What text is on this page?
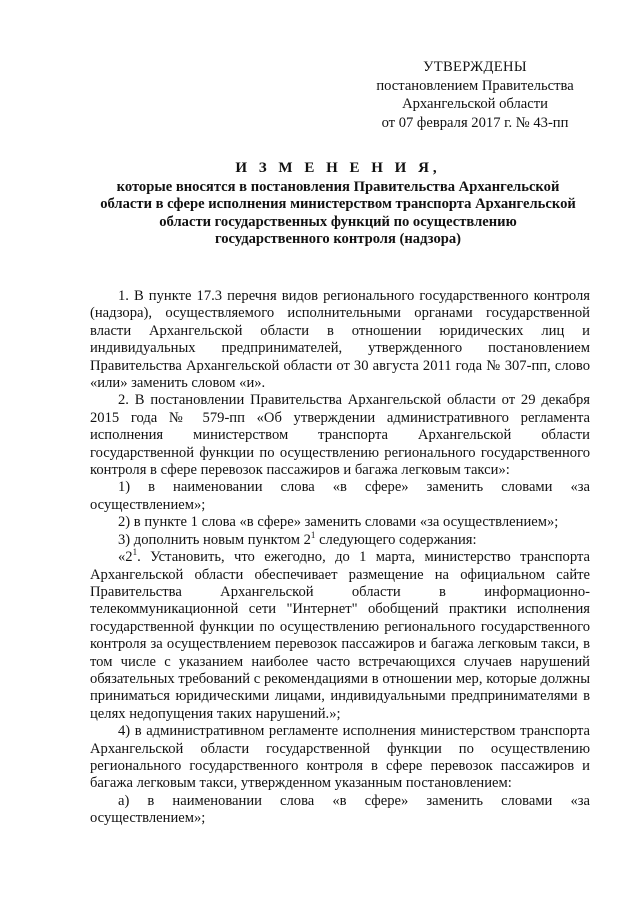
УТВЕРЖДЕНЫ
постановлением Правительства
Архангельской области
от 07 февраля 2017 г. № 43-пп
И З М Е Н Е Н И Я,
которые вносятся в постановления Правительства Архангельской
области в сфере исполнения министерством транспорта Архангельской
области государственных функций по осуществлению
государственного контроля (надзора)

1. В пункте 17.3 перечня видов регионального государственного контроля (надзора), осуществляемого исполнительными органами государственной власти Архангельской области в отношении юридических лиц и индивидуальных предпринимателей, утвержденного постановлением Правительства Архангельской области от 30 августа 2011 года № 307-пп, слово «или» заменить словом «и».

2. В постановлении Правительства Архангельской области от 29 декабря 2015 года № 579-пп «Об утверждении административного регламента исполнения министерством транспорта Архангельской области государственной функции по осуществлению регионального государственного контроля в сфере перевозок пассажиров и багажа легковым такси»:

1) в наименовании слова «в сфере» заменить словами «за осуществлением»;

2) в пункте 1 слова «в сфере» заменить словами «за осуществлением»;

3) дополнить новым пунктом $2^1$ следующего содержания:

«$2^1$. Установить, что ежегодно, до 1 марта, министерство транспорта Архангельской области обеспечивает размещение на официальном сайте Правительства Архангельской области в информационно-телекоммуникационной сети "Интернет" обобщений практики исполнения государственной функции по осуществлению регионального государственного контроля за осуществлением перевозок пассажиров и багажа легковым такси, в том числе с указанием наиболее часто встречающихся случаев нарушений обязательных требований с рекомендациями в отношении мер, которые должны приниматься юридическими лицами, индивидуальными предпринимателями в целях недопущения таких нарушений.»;

4) в административном регламенте исполнения министерством транспорта Архангельской области государственной функции по осуществлению регионального государственного контроля в сфере перевозок пассажиров и багажа легковым такси, утвержденном указанным постановлением:

а) в наименовании слова «в сфере» заменить словами «за осуществлением»;
